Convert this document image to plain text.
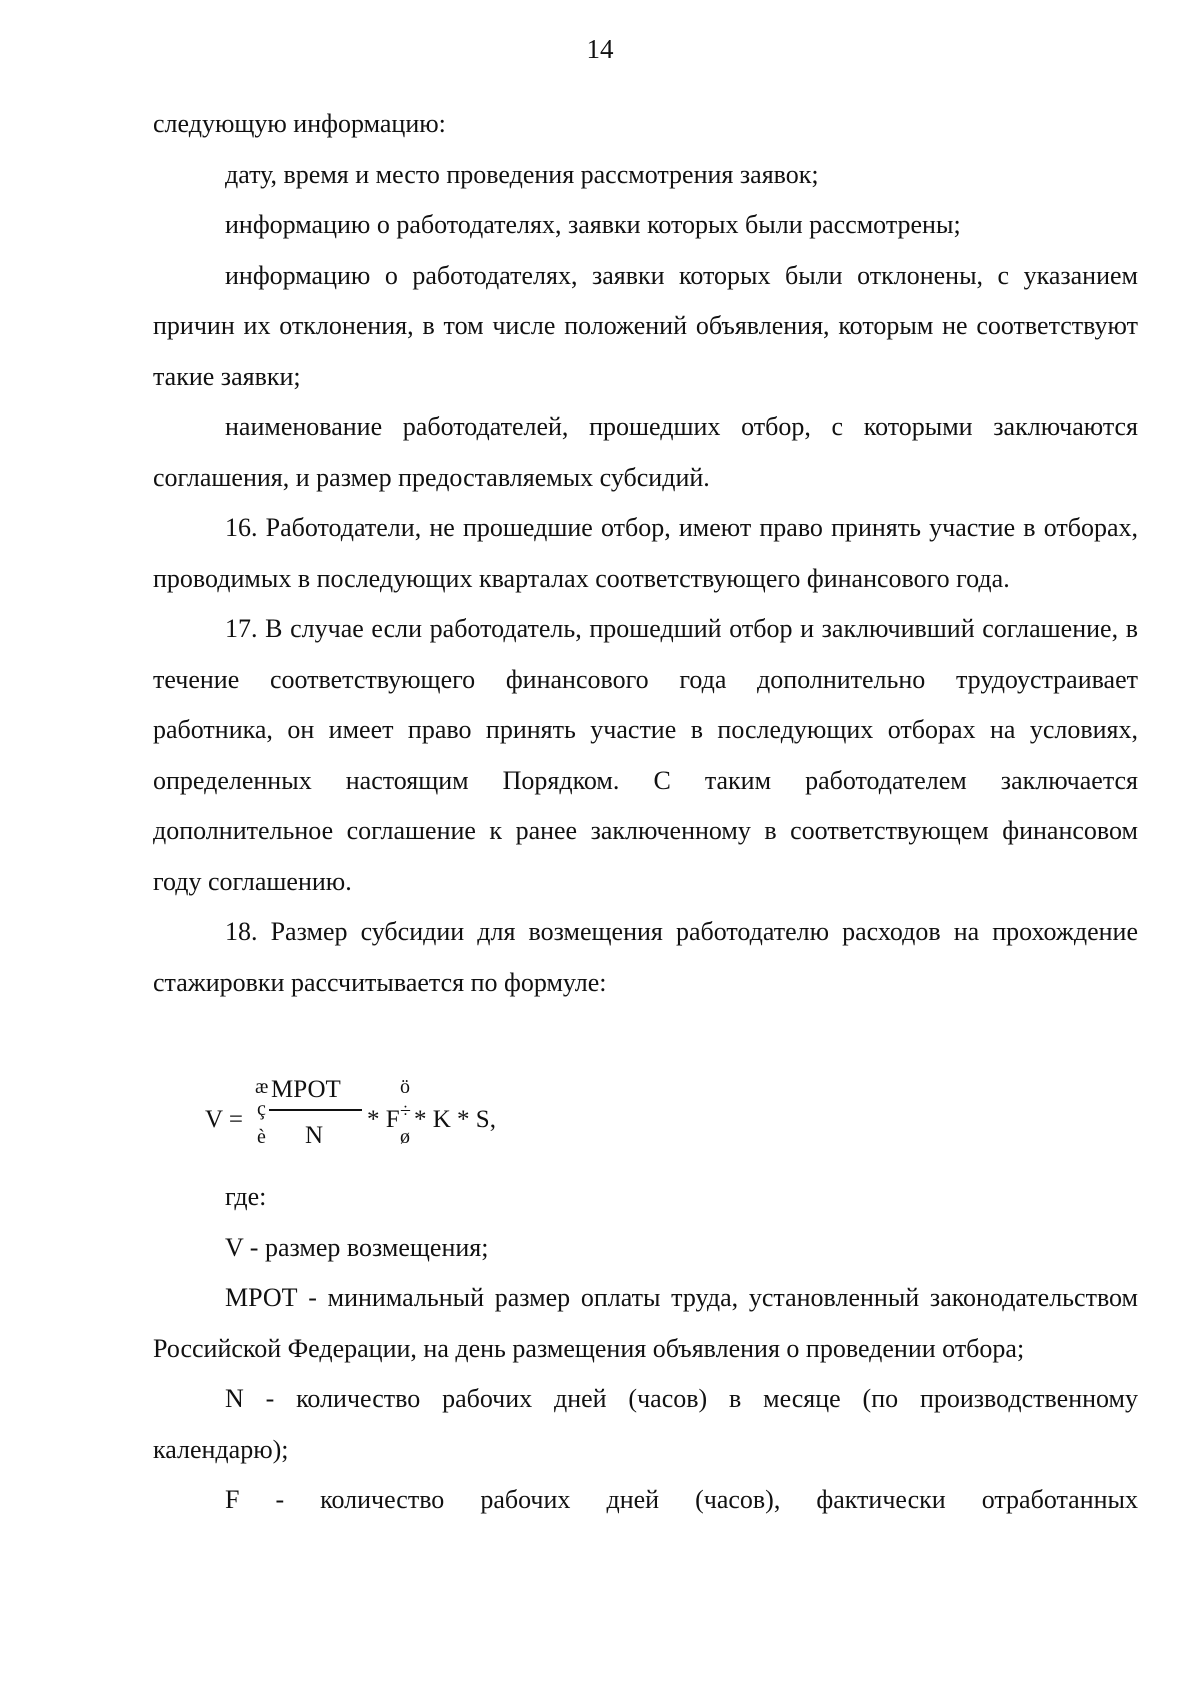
14

следующую информацию:

дату, время и место проведения рассмотрения заявок;

информацию о работодателях, заявки которых были рассмотрены;

информацию о работодателях, заявки которых были отклонены, с указанием причин их отклонения, в том числе положений объявления, которым не соответствуют такие заявки;

наименование работодателей, прошедших отбор, с которыми заключаются соглашения, и размер предоставляемых субсидий.

16. Работодатели, не прошедшие отбор, имеют право принять участие в отборах, проводимых в последующих кварталах соответствующего финансового года.

17. В случае если работодатель, прошедший отбор и заключивший соглашение, в течение соответствующего финансового года дополнительно трудоустраивает работника, он имеет право принять участие в последующих отборах на условиях, определенных настоящим Порядком. С таким работодателем заключается дополнительное соглашение к ранее заключенному в соответствующем финансовом году соглашению.

18. Размер субсидии для возмещения работодателю расходов на прохождение стажировки рассчитывается по формуле:

V =
æ
ç
è
МРОТ
N
* F
ö
÷
ø
* K * S,

где:

V - размер возмещения;

МРОТ - минимальный размер оплаты труда, установленный законодательством Российской Федерации, на день размещения объявления о проведении отбора;

N - количество рабочих дней (часов) в месяце (по производственному календарю);

F - количество рабочих дней (часов), фактически отработанных
